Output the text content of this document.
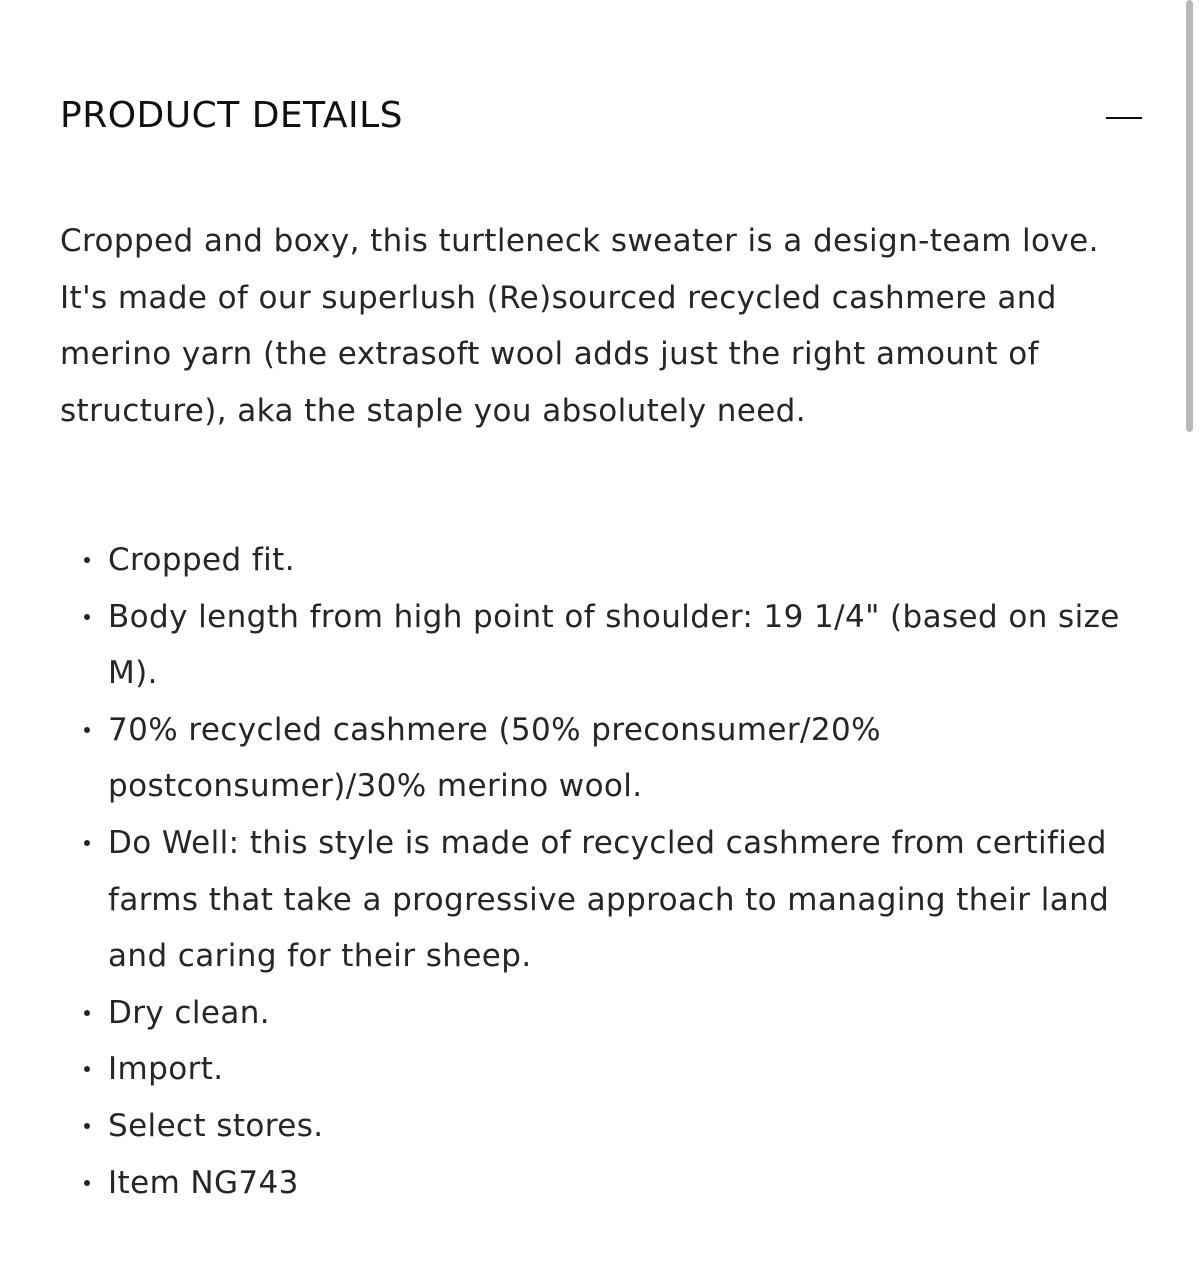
PRODUCT DETAILS

Cropped and boxy, this turtleneck sweater is a design-team love. It's made of our superlush (Re)sourced recycled cashmere and merino yarn (the extrasoft wool adds just the right amount of structure), aka the staple you absolutely need.

Cropped fit.
Body length from high point of shoulder: 19 1/4" (based on size M).
70% recycled cashmere (50% preconsumer/20% postconsumer)/30% merino wool.
Do Well: this style is made of recycled cashmere from certified farms that take a progressive approach to managing their land and caring for their sheep.
Dry clean.
Import.
Select stores.
Item NG743
